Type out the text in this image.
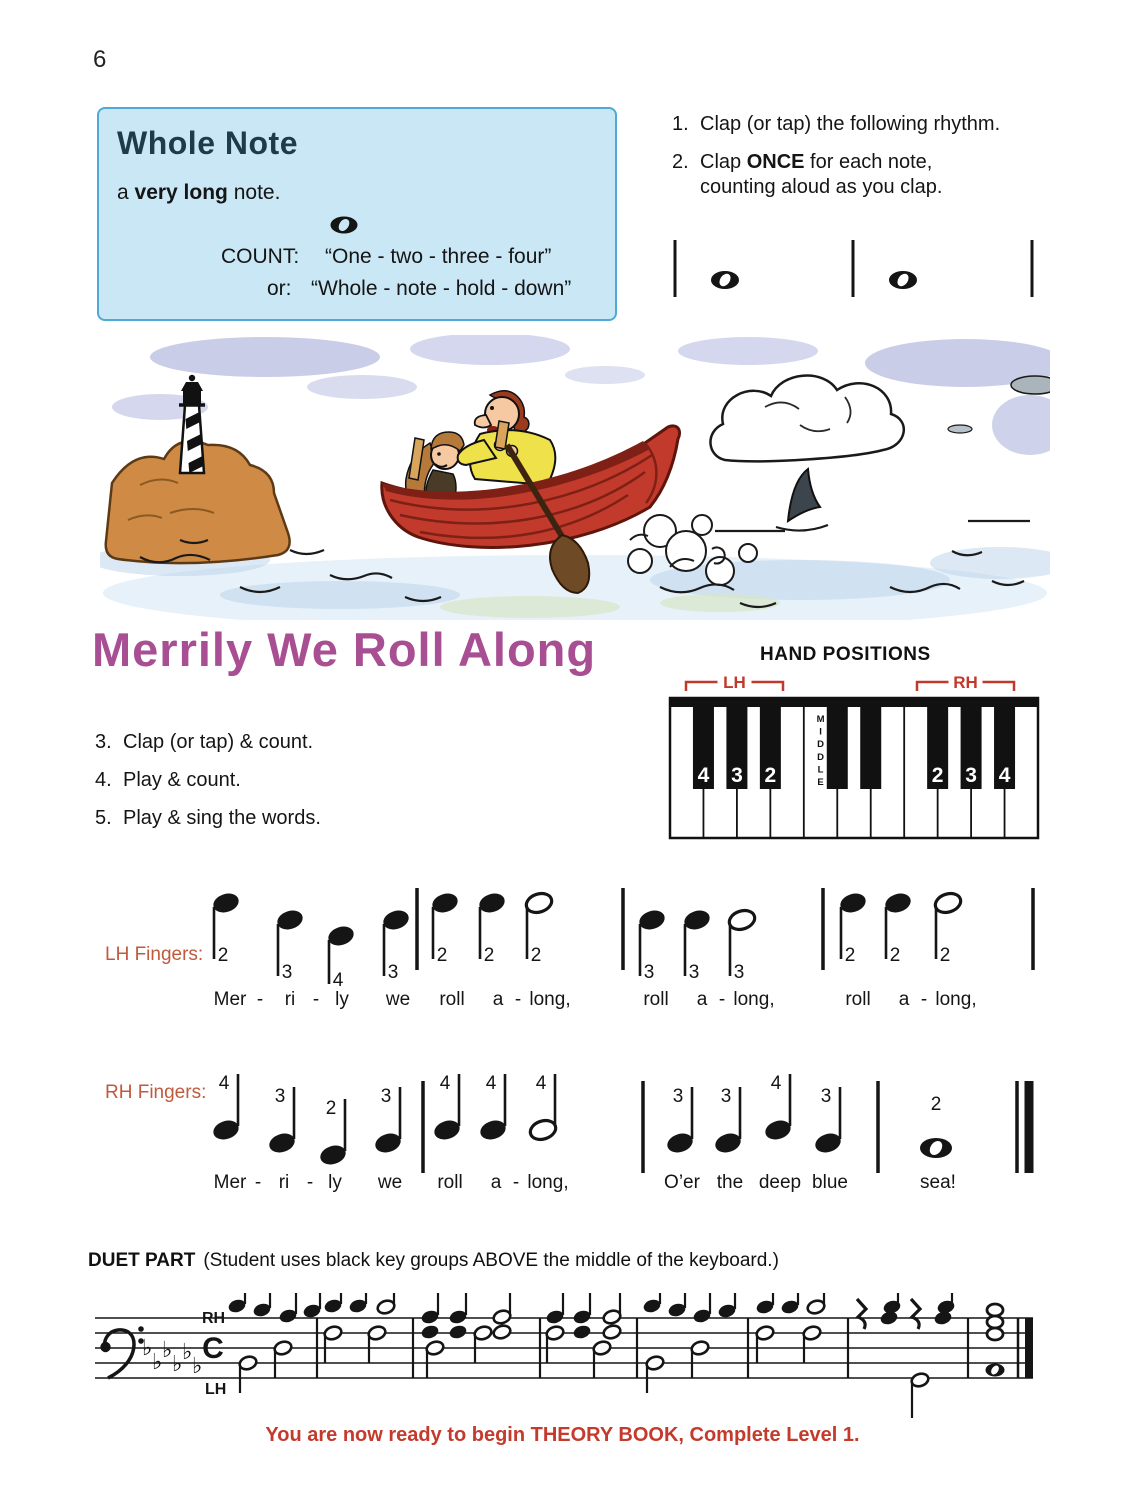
6
Whole Note
a very long note.
COUNT: “One - two - three - four”
or: “Whole - note - hold - down”
1. Clap (or tap) the following rhythm.
2. Clap ONCE for each note,
counting aloud as you clap.
Merrily We Roll Along	HAND POSITIONS
LH	RH
4 3 2	2 3 4
M
I
D
D
L
E
3. Clap (or tap) & count.
4. Play & count.
5. Play & sing the words.
LH Fingers: 2
3 4 3
2 2 2
3 3 3
2 2 2
Mer - ri - ly we roll a - long,	roll a - long,	roll a - long,
RH Fingers: 4
3
2
3
4 4 4
3 3
4
3	2
Mer - ri - ly we roll a - long,	O’er the deep blue	sea!
DUET PART (Student uses black key groups ABOVE the middle of the keyboard.)
♭
♭ ♭
♭ ♭
♭
C
RH
LH
You are now ready to begin THEORY BOOK, Complete Level 1.
